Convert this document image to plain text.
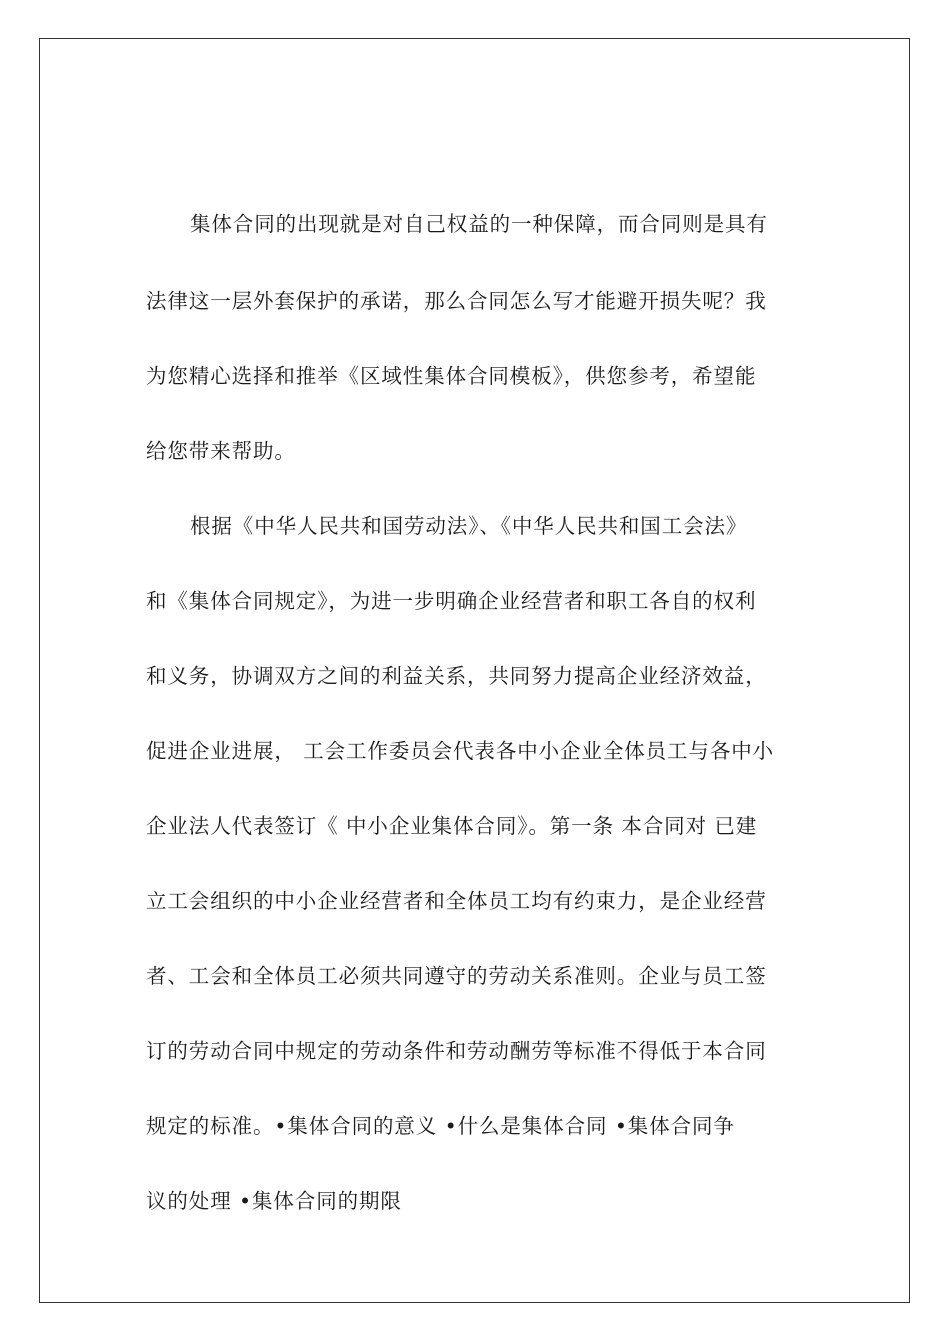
集体合同的出现就是对自己权益的一种保障，而合同则是具有
法律这一层外套保护的承诺，那么合同怎么写才能避开损失呢？我
为您精心选择和推举《区域性集体合同模板》，供您参考，希望能
给您带来帮助。
根据《中华人民共和国劳动法》、《中华人民共和国工会法》
和《集体合同规定》，为进一步明确企业经营者和职工各自的权利
和义务，协调双方之间的利益关系，共同努力提高企业经济效益，
促进企业进展， 工会工作委员会代表各中小企业全体员工与各中小
企业法人代表签订《 中小企业集体合同》。第一条 本合同对 已建
立工会组织的中小企业经营者和全体员工均有约束力，是企业经营
者、工会和全体员工必须共同遵守的劳动关系准则。企业与员工签
订的劳动合同中规定的劳动条件和劳动酬劳等标准不得低于本合同
规定的标准。•集体合同的意义 •什么是集体合同 •集体合同争
议的处理 •集体合同的期限
